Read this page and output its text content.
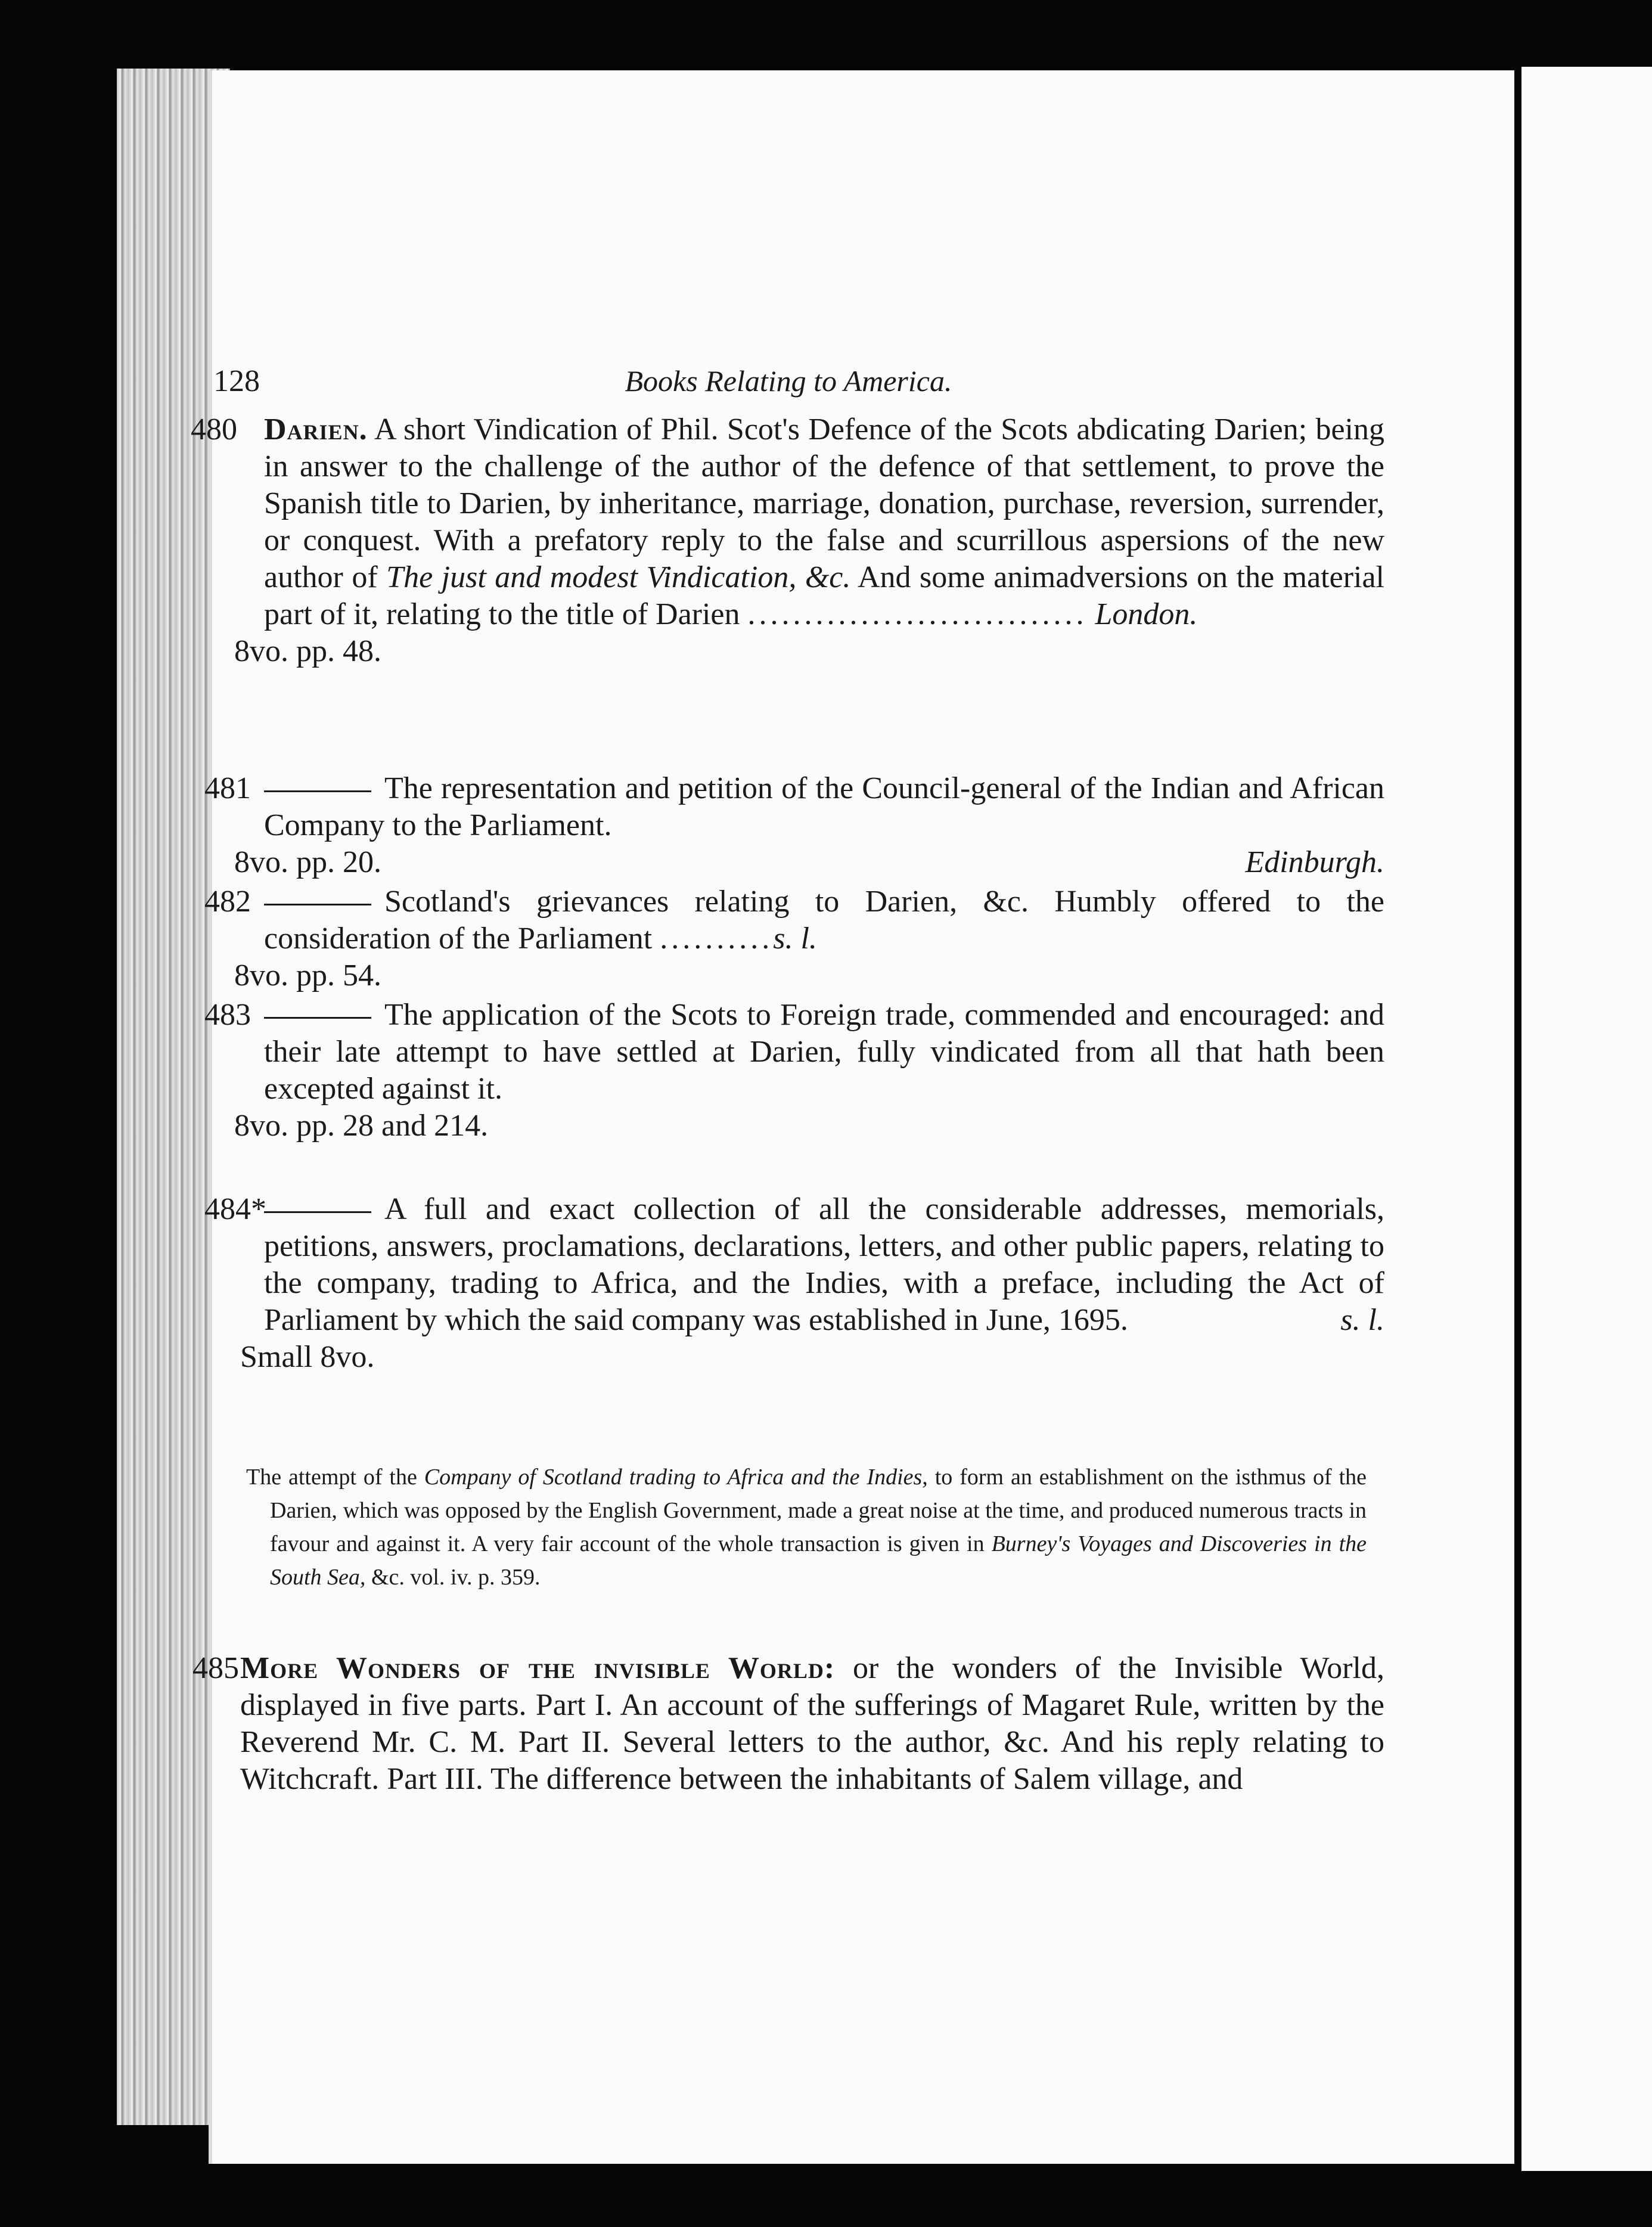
128	Books Relating to America.
480 Darien. A short Vindication of Phil. Scot's Defence of the Scots abdicating Darien; being in answer to the challenge of the author of the defence of that settlement, to prove the Spanish title to Darien, by inheritance, marriage, donation, purchase, reversion, surrender, or conquest. With a prefatory reply to the false and scurrillous aspersions of the new author of The just and modest Vindication, &c. And some animadversions on the material part of it, relating to the title of Darien .............................. London.
8vo. pp. 48.
481	The representation and petition of the Council-general of the Indian and African Company to the Parliament.
8vo. pp. 20.	Edinburgh.
482	Scotland's grievances relating to Darien, &c. Humbly offered to the consideration of the Parliament ..........s. l.
8vo. pp. 54.
483	The application of the Scots to Foreign trade, commended and encouraged: and their late attempt to have settled at Darien, fully vindicated from all that hath been excepted against it.
8vo. pp. 28 and 214.
484*	A full and exact collection of all the considerable addresses, memorials, petitions, answers, proclamations, declarations, letters, and other public papers, relating to the company, trading to Africa, and the Indies, with a preface, including the Act of Parliament by which the said company was established in June, 1695.	s. l.
Small 8vo.
The attempt of the Company of Scotland trading to Africa and the Indies, to form an establishment on the isthmus of the Darien, which was opposed by the English Government, made a great noise at the time, and produced numerous tracts in favour and against it. A very fair account of the whole transaction is given in Burney's Voyages and Discoveries in the South Sea, &c. vol. iv. p. 359.
485 More Wonders of the invisible World: or the wonders of the Invisible World, displayed in five parts. Part I. An account of the sufferings of Magaret Rule, written by the Reverend Mr. C. M. Part II. Several letters to the author, &c. And his reply relating to Witchcraft. Part III. The difference between the inhabitants of Salem village, and
